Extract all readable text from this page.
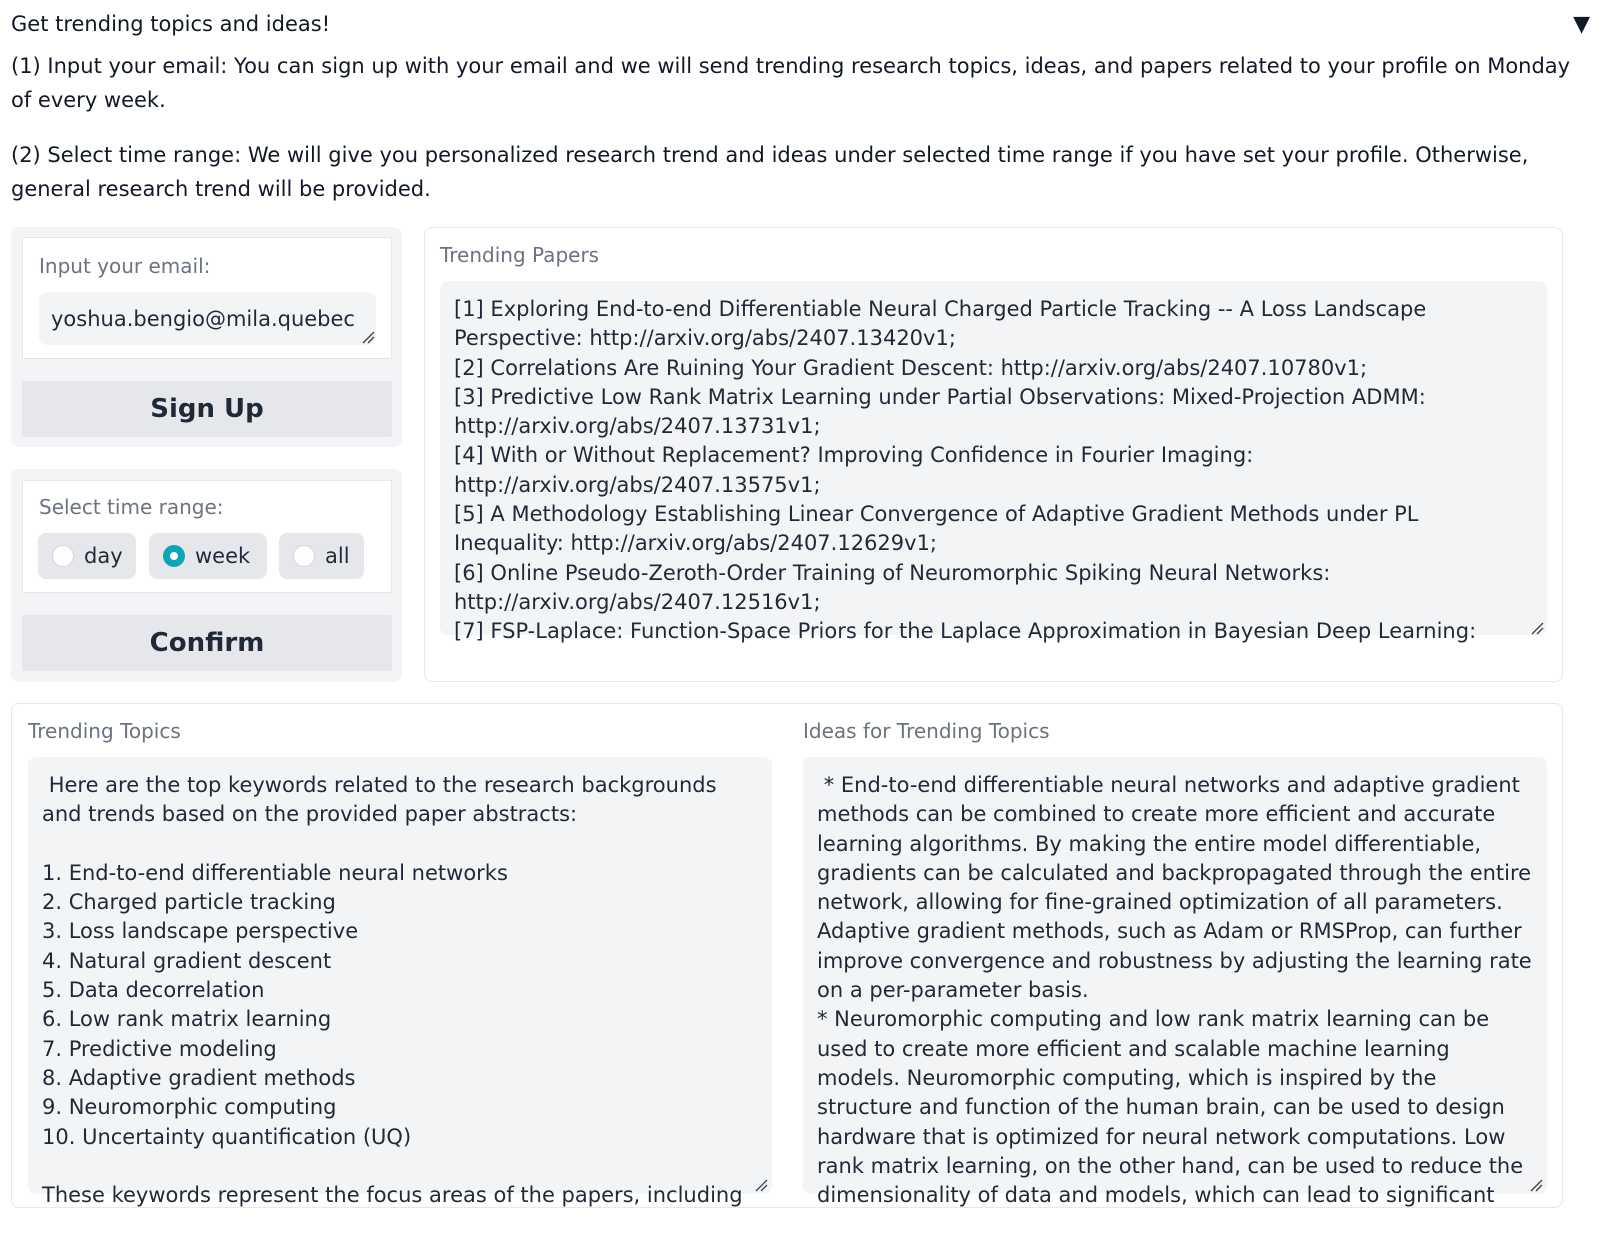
Get trending topics and ideas!	▼

(1) Input your email: You can sign up with your email and we will send trending research topics, ideas, and papers related to your profile on Monday of every week.

(2) Select time range: We will give you personalized research trend and ideas under selected time range if you have set your profile. Otherwise, general research trend will be provided.

Input your email:
yoshua.bengio@mila.quebec
Sign Up
Select time range:
day	week	all
Confirm
Trending Papers
[1] Exploring End-to-end Differentiable Neural Charged Particle Tracking -- A Loss Landscape Perspective: http://arxiv.org/abs/2407.13420v1;
[2] Correlations Are Ruining Your Gradient Descent: http://arxiv.org/abs/2407.10780v1;
[3] Predictive Low Rank Matrix Learning under Partial Observations: Mixed-Projection ADMM: http://arxiv.org/abs/2407.13731v1;
[4] With or Without Replacement? Improving Confidence in Fourier Imaging: http://arxiv.org/abs/2407.13575v1;
[5] A Methodology Establishing Linear Convergence of Adaptive Gradient Methods under PL Inequality: http://arxiv.org/abs/2407.12629v1;
[6] Online Pseudo-Zeroth-Order Training of Neuromorphic Spiking Neural Networks: http://arxiv.org/abs/2407.12516v1;
[7] FSP-Laplace: Function-Space Priors for the Laplace Approximation in Bayesian Deep Learning:
Trending Topics
Here are the top keywords related to the research backgrounds and trends based on the provided paper abstracts:

1. End-to-end differentiable neural networks
2. Charged particle tracking
3. Loss landscape perspective
4. Natural gradient descent
5. Data decorrelation
6. Low rank matrix learning
7. Predictive modeling
8. Adaptive gradient methods
9. Neuromorphic computing
10. Uncertainty quantification (UQ)

These keywords represent the focus areas of the papers, including
Ideas for Trending Topics
* End-to-end differentiable neural networks and adaptive gradient methods can be combined to create more efficient and accurate learning algorithms. By making the entire model differentiable, gradients can be calculated and backpropagated through the entire network, allowing for fine-grained optimization of all parameters. Adaptive gradient methods, such as Adam or RMSProp, can further improve convergence and robustness by adjusting the learning rate on a per-parameter basis.
* Neuromorphic computing and low rank matrix learning can be used to create more efficient and scalable machine learning models. Neuromorphic computing, which is inspired by the structure and function of the human brain, can be used to design hardware that is optimized for neural network computations. Low rank matrix learning, on the other hand, can be used to reduce the dimensionality of data and models, which can lead to significant
